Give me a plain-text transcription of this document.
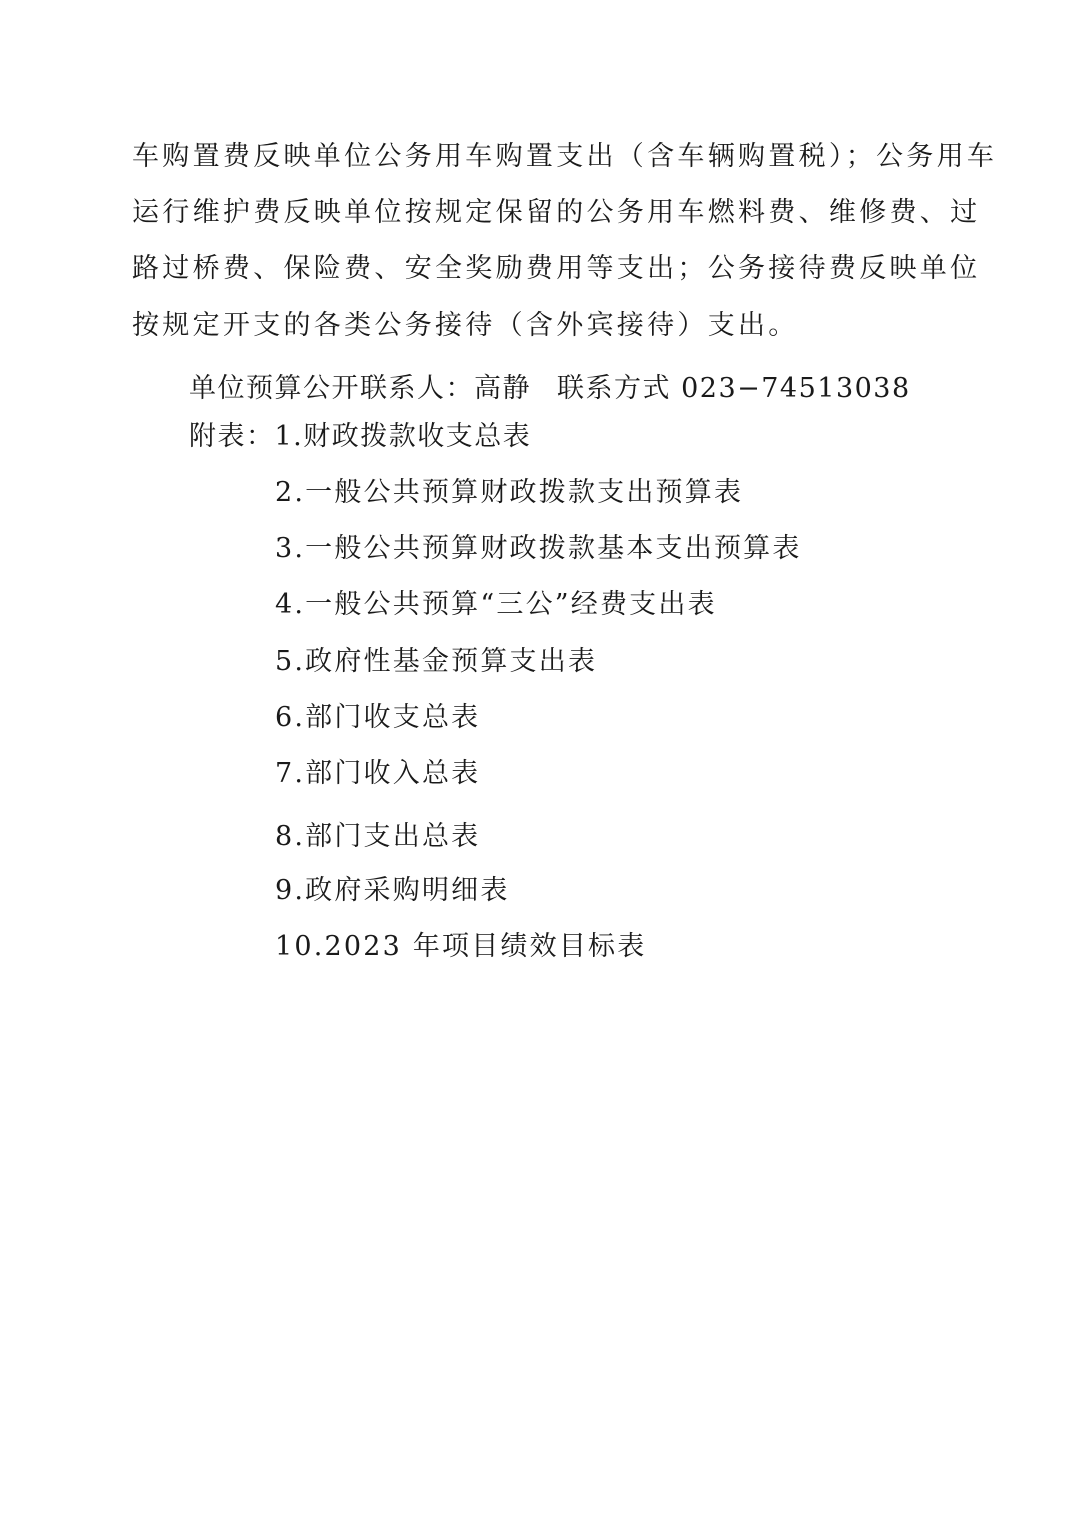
车购置费反映单位公务用车购置支出（含车辆购置税）；公务用车
运行维护费反映单位按规定保留的公务用车燃料费、维修费、过
路过桥费、保险费、安全奖励费用等支出；公务接待费反映单位
按规定开支的各类公务接待（含外宾接待）支出。
单位预算公开联系人：高静 联系方式 023−74513038
附表：1.财政拨款收支总表
2.一般公共预算财政拨款支出预算表
3.一般公共预算财政拨款基本支出预算表
4.一般公共预算“三公”经费支出表
5.政府性基金预算支出表
6.部门收支总表
7.部门收入总表
8.部门支出总表
9.政府采购明细表
10.2023 年项目绩效目标表
